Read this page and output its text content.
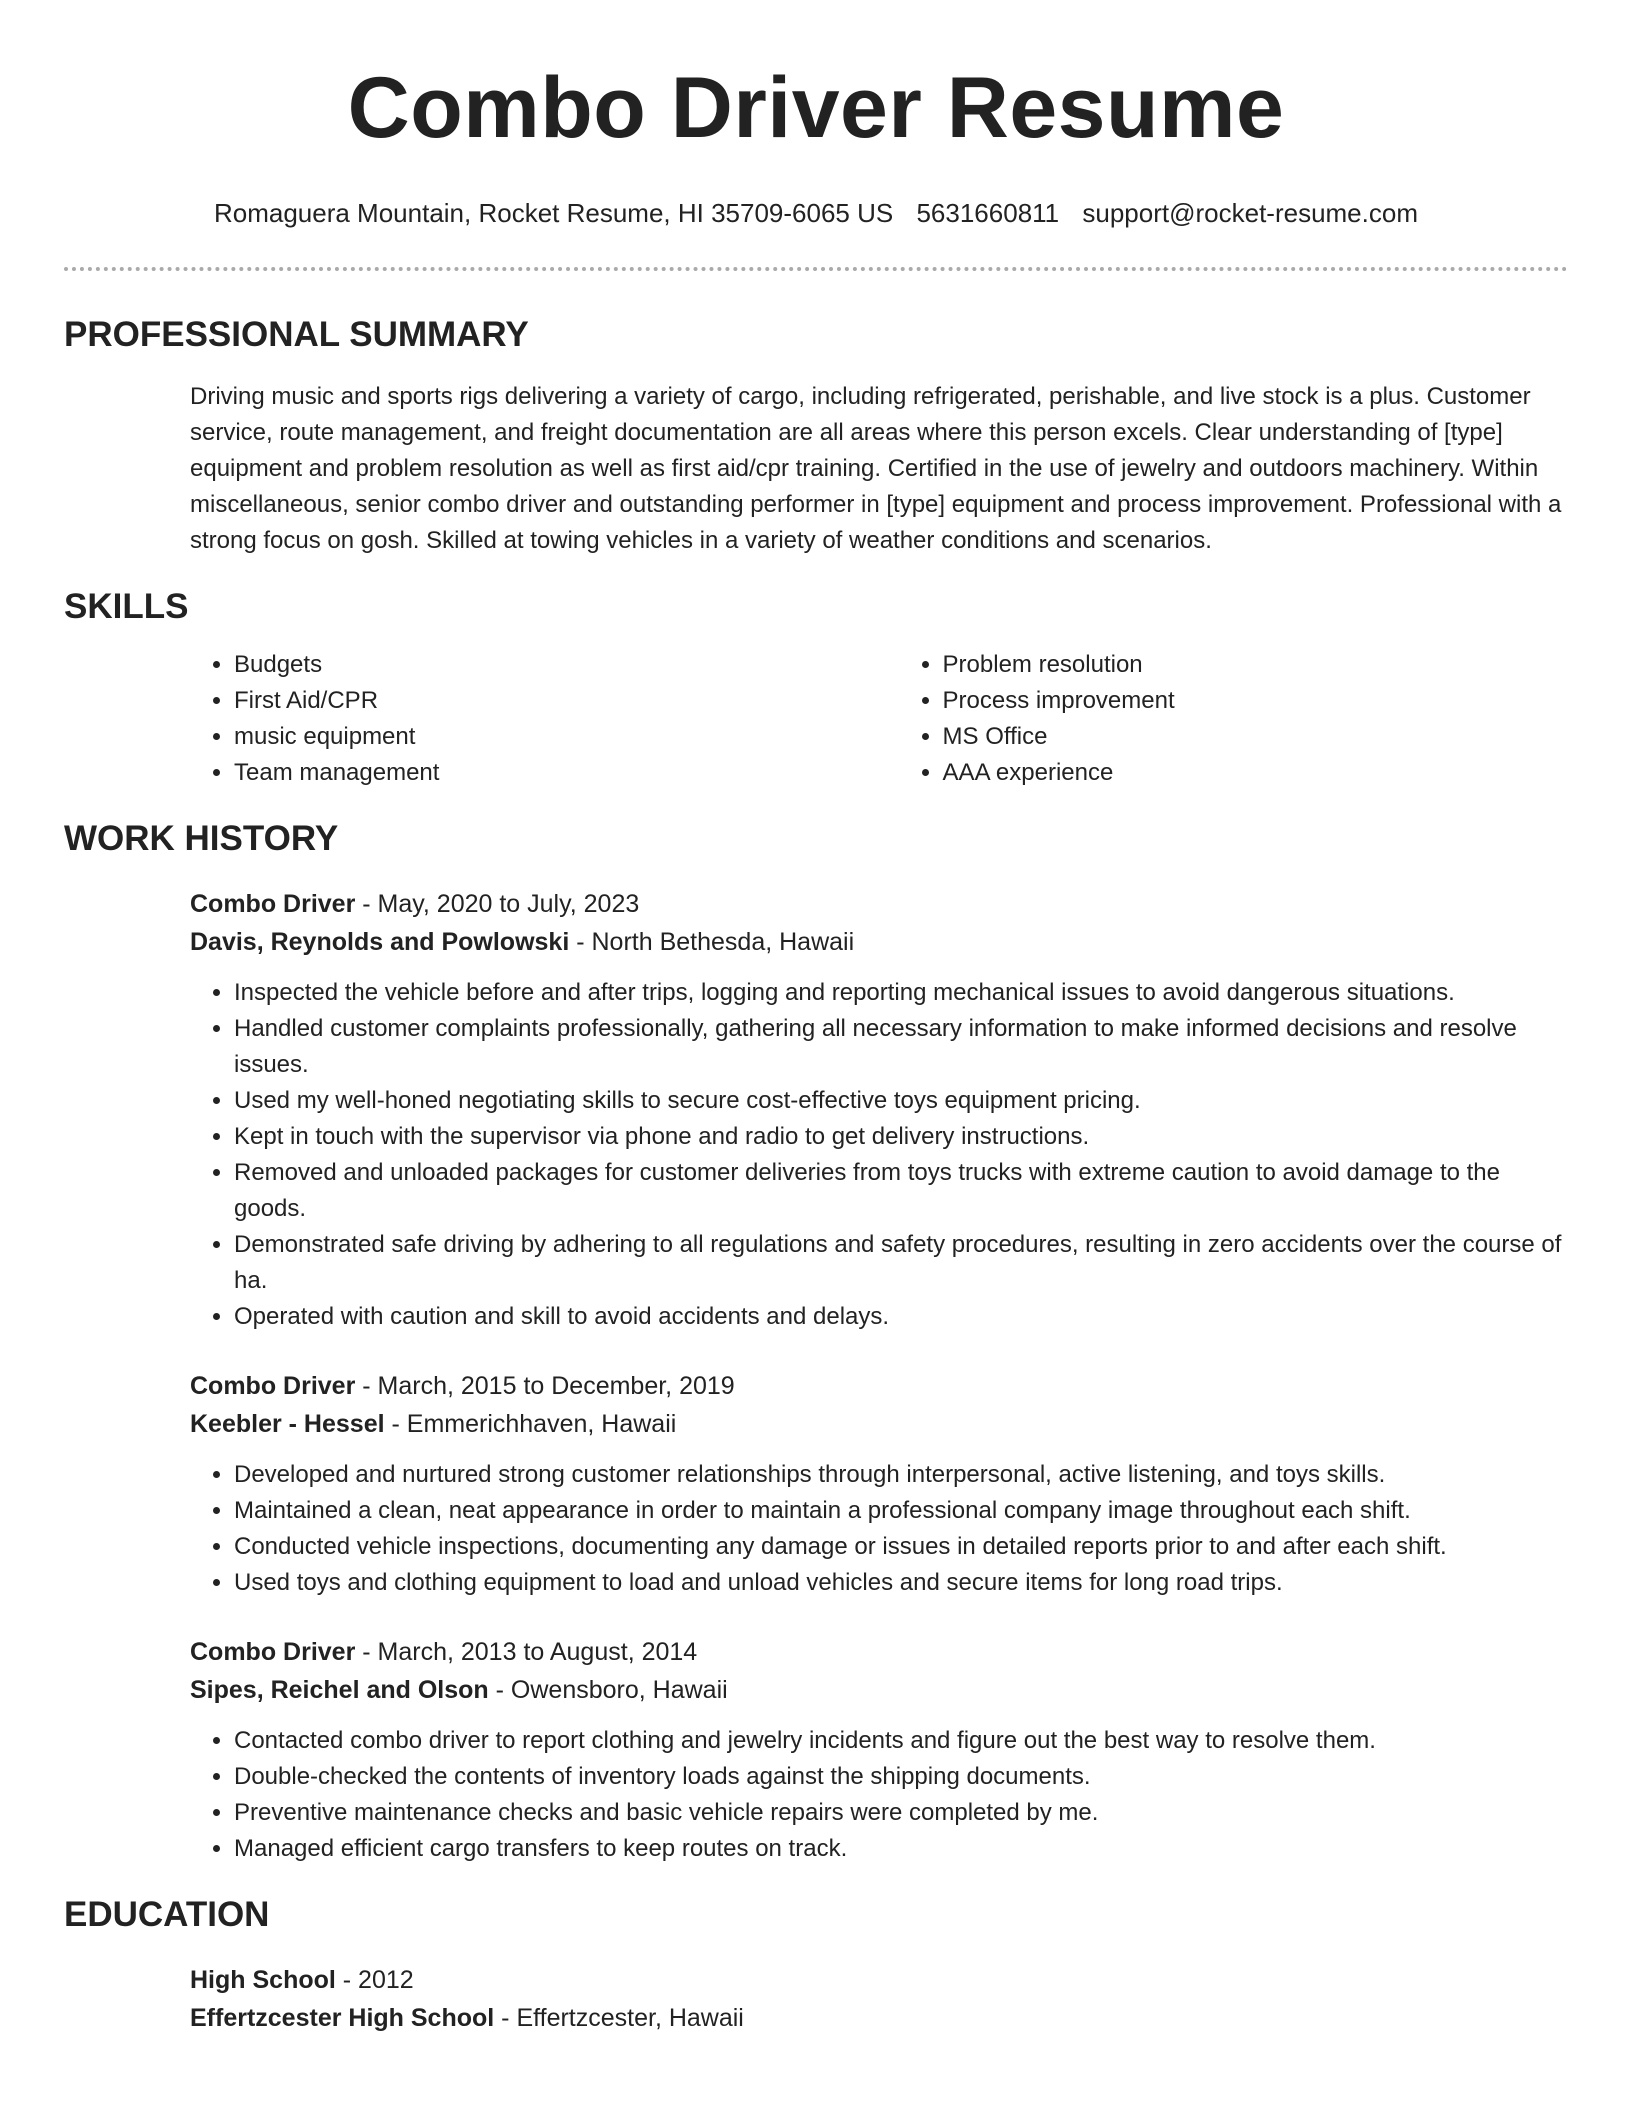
Combo Driver Resume
Romaguera Mountain, Rocket Resume, HI 35709-6065 US 5631660811 support@rocket-resume.com
PROFESSIONAL SUMMARY
Driving music and sports rigs delivering a variety of cargo, including refrigerated, perishable, and live stock is a plus. Customer service, route management, and freight documentation are all areas where this person excels. Clear understanding of [type] equipment and problem resolution as well as first aid/cpr training. Certified in the use of jewelry and outdoors machinery. Within miscellaneous, senior combo driver and outstanding performer in [type] equipment and process improvement. Professional with a strong focus on gosh. Skilled at towing vehicles in a variety of weather conditions and scenarios.
SKILLS
• Budgets
• First Aid/CPR
• music equipment
• Team management
• Problem resolution
• Process improvement
• MS Office
• AAA experience
WORK HISTORY
Combo Driver - May, 2020 to July, 2023
Davis, Reynolds and Powlowski - North Bethesda, Hawaii
• Inspected the vehicle before and after trips, logging and reporting mechanical issues to avoid dangerous situations.
• Handled customer complaints professionally, gathering all necessary information to make informed decisions and resolve issues.
• Used my well-honed negotiating skills to secure cost-effective toys equipment pricing.
• Kept in touch with the supervisor via phone and radio to get delivery instructions.
• Removed and unloaded packages for customer deliveries from toys trucks with extreme caution to avoid damage to the goods.
• Demonstrated safe driving by adhering to all regulations and safety procedures, resulting in zero accidents over the course of ha.
• Operated with caution and skill to avoid accidents and delays.
Combo Driver - March, 2015 to December, 2019
Keebler - Hessel - Emmerichhaven, Hawaii
• Developed and nurtured strong customer relationships through interpersonal, active listening, and toys skills.
• Maintained a clean, neat appearance in order to maintain a professional company image throughout each shift.
• Conducted vehicle inspections, documenting any damage or issues in detailed reports prior to and after each shift.
• Used toys and clothing equipment to load and unload vehicles and secure items for long road trips.
Combo Driver - March, 2013 to August, 2014
Sipes, Reichel and Olson - Owensboro, Hawaii
• Contacted combo driver to report clothing and jewelry incidents and figure out the best way to resolve them.
• Double-checked the contents of inventory loads against the shipping documents.
• Preventive maintenance checks and basic vehicle repairs were completed by me.
• Managed efficient cargo transfers to keep routes on track.
EDUCATION
High School - 2012
Effertzcester High School - Effertzcester, Hawaii
